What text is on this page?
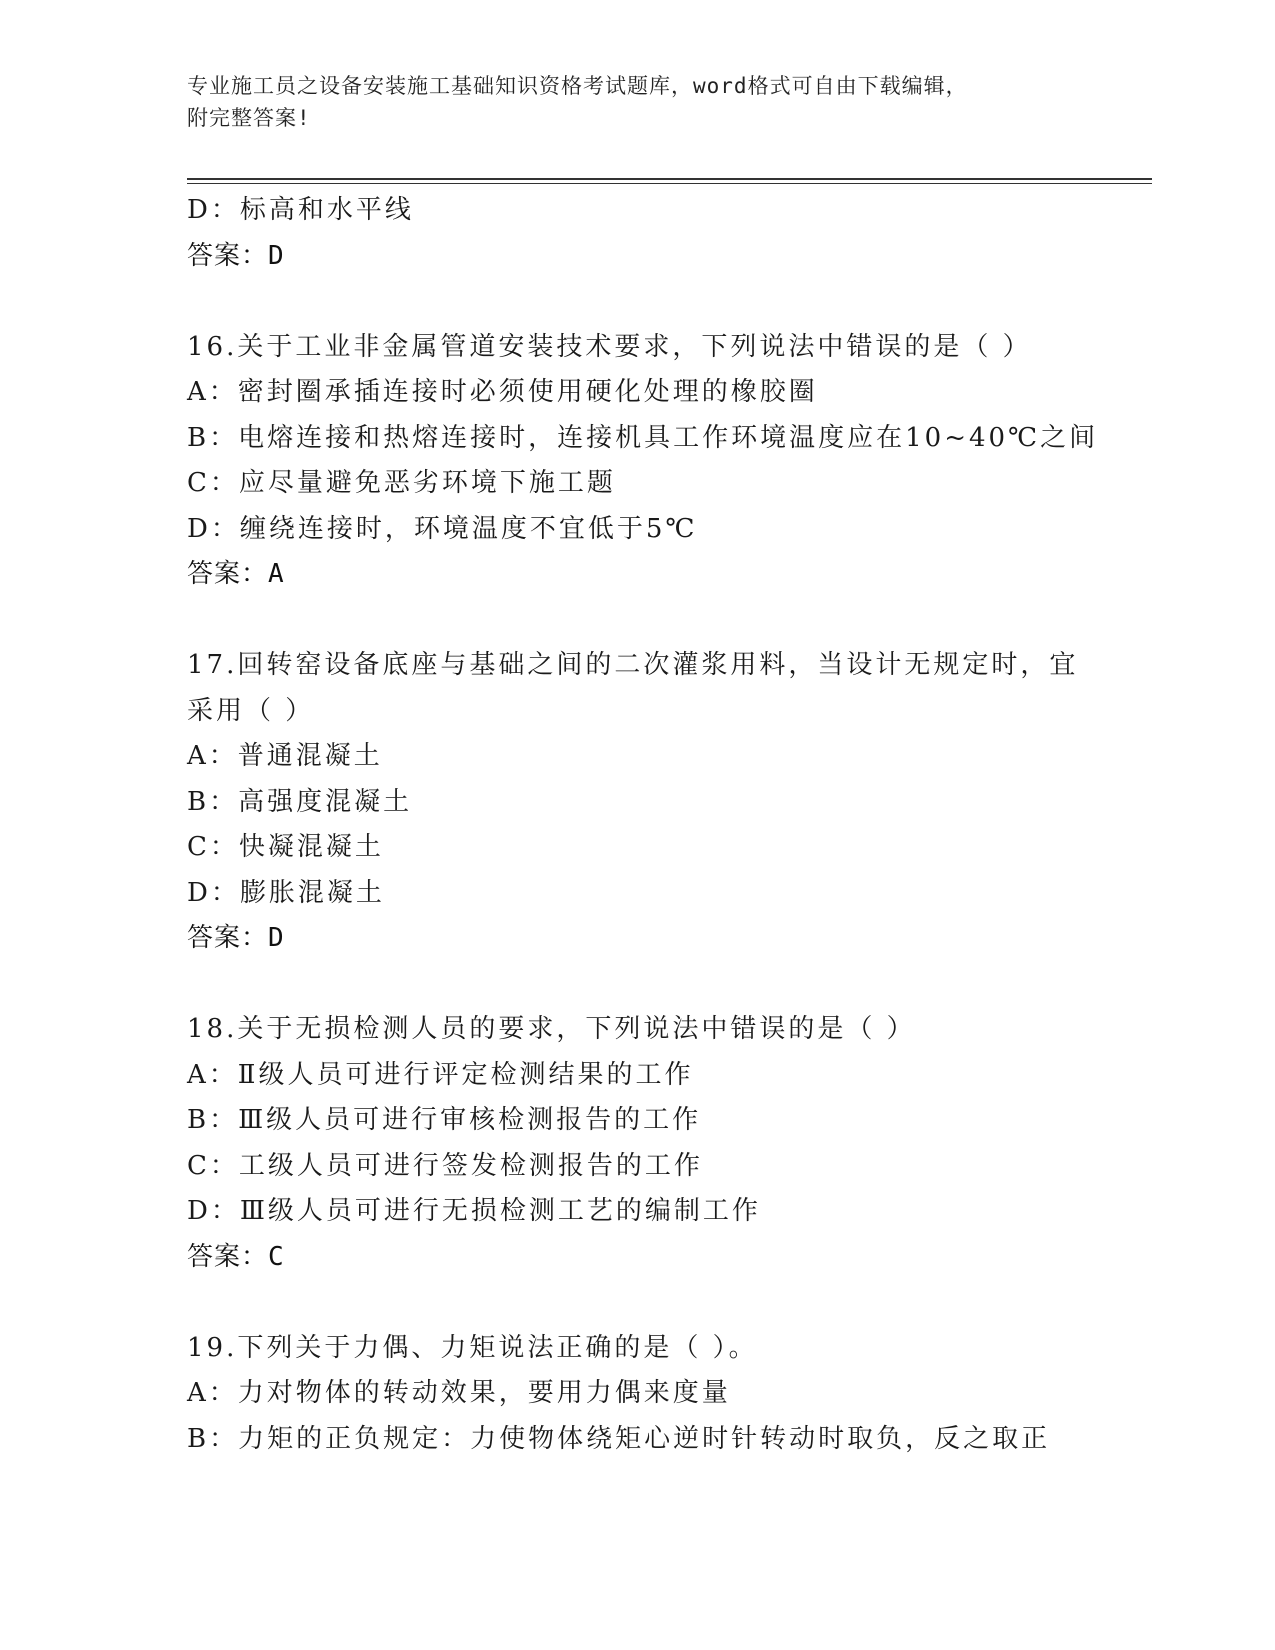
专业施工员之设备安装施工基础知识资格考试题库，word格式可自由下载编辑，
附完整答案!
D：标高和水平线
答案：D
16.关于工业非金属管道安装技术要求，下列说法中错误的是（ ）
A：密封圈承插连接时必须使用硬化处理的橡胶圈
B：电熔连接和热熔连接时，连接机具工作环境温度应在10~40℃之间
C：应尽量避免恶劣环境下施工题
D：缠绕连接时，环境温度不宜低于5℃
答案：A
17.回转窑设备底座与基础之间的二次灌浆用料，当设计无规定时，宜
采用（ ）
A：普通混凝土
B：高强度混凝土
C：快凝混凝土
D：膨胀混凝土
答案：D
18.关于无损检测人员的要求，下列说法中错误的是（ ）
A：Ⅱ级人员可进行评定检测结果的工作
B：Ⅲ级人员可进行审核检测报告的工作
C：工级人员可进行签发检测报告的工作
D：Ⅲ级人员可进行无损检测工艺的编制工作
答案：C
19.下列关于力偶、力矩说法正确的是（ ）。
A：力对物体的转动效果，要用力偶来度量
B：力矩的正负规定：力使物体绕矩心逆时针转动时取负，反之取正
